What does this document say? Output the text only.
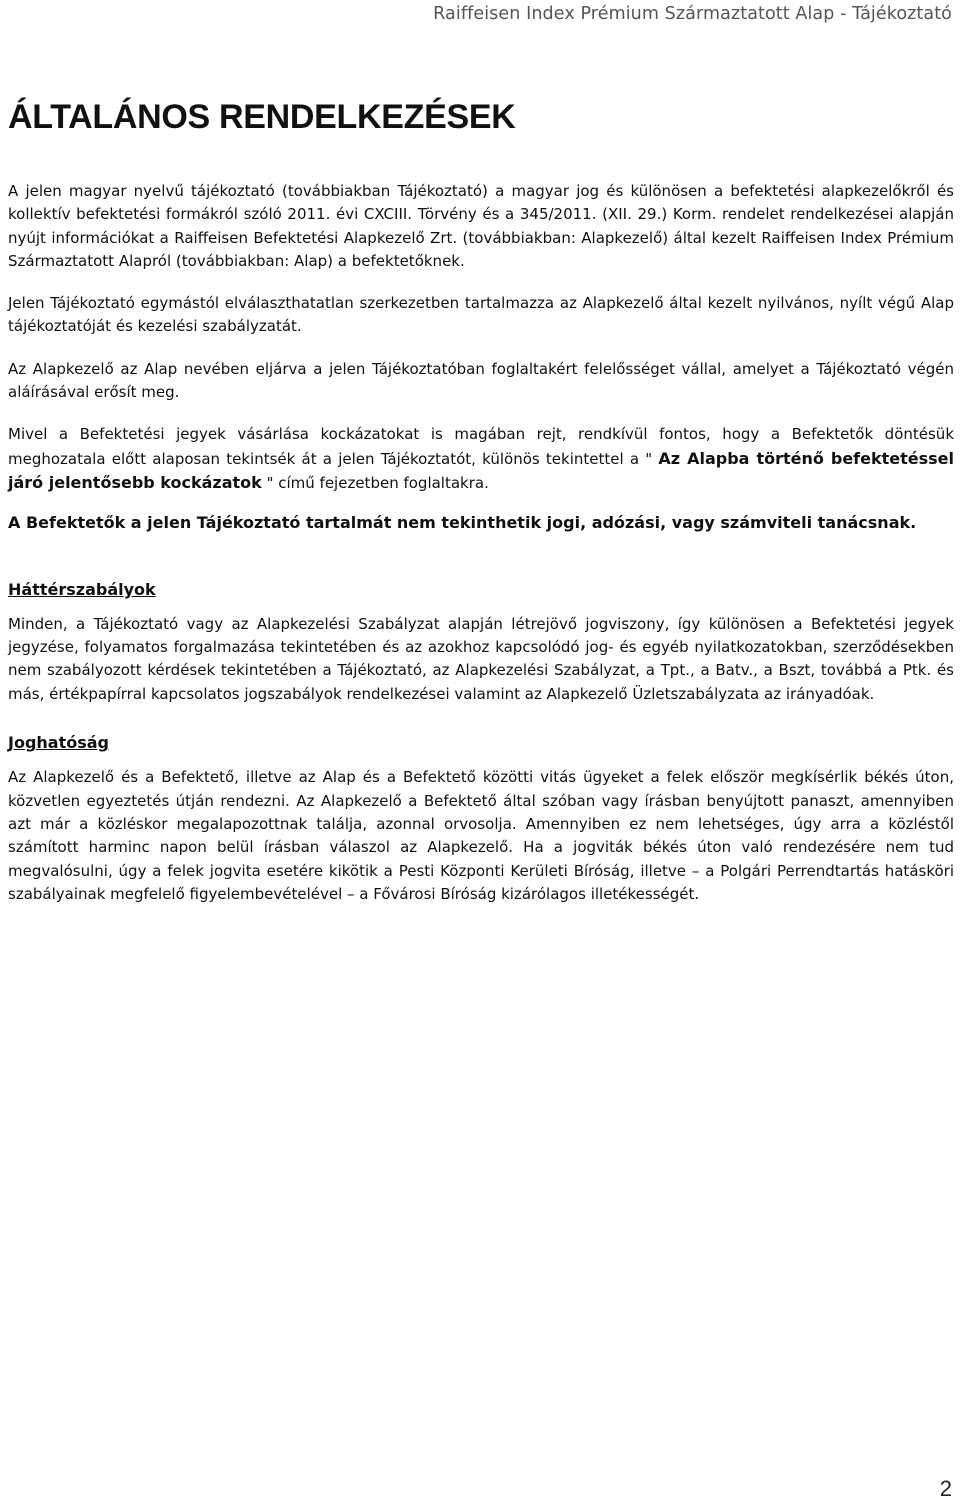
Raiffeisen Index Prémium Származtatott Alap - Tájékoztató
ÁLTALÁNOS RENDELKEZÉSEK

A jelen magyar nyelvű tájékoztató (továbbiakban Tájékoztató) a magyar jog és különösen a befektetési alapkezelőkről és kollektív befektetési formákról szóló 2011. évi CXCIII. Törvény és a 345/2011. (XII. 29.) Korm. rendelet rendelkezései alapján nyújt információkat a Raiffeisen Befektetési Alapkezelő Zrt. (továbbiakban: Alapkezelő) által kezelt Raiffeisen Index Prémium Származtatott Alapról (továbbiakban: Alap) a befektetőknek.

Jelen Tájékoztató egymástól elválaszthatatlan szerkezetben tartalmazza az Alapkezelő által kezelt nyilvános, nyílt végű Alap tájékoztatóját és kezelési szabályzatát.

Az Alapkezelő az Alap nevében eljárva a jelen Tájékoztatóban foglaltakért felelősséget vállal, amelyet a Tájékoztató végén aláírásával erősít meg.

Mivel a Befektetési jegyek vásárlása kockázatokat is magában rejt, rendkívül fontos, hogy a Befektetők döntésük meghozatala előtt alaposan tekintsék át a jelen Tájékoztatót, különös tekintettel a " Az Alapba történő befektetéssel járó jelentősebb kockázatok " című fejezetben foglaltakra.

A Befektetők a jelen Tájékoztató tartalmát nem tekinthetik jogi, adózási, vagy számviteli tanácsnak.

Háttérszabályok

Minden, a Tájékoztató vagy az Alapkezelési Szabályzat alapján létrejövő jogviszony, így különösen a Befektetési jegyek jegyzése, folyamatos forgalmazása tekintetében és az azokhoz kapcsolódó jog- és egyéb nyilatkozatokban, szerződésekben nem szabályozott kérdések tekintetében a Tájékoztató, az Alapkezelési Szabályzat, a Tpt., a Batv., a Bszt, továbbá a Ptk. és más, értékpapírral kapcsolatos jogszabályok rendelkezései valamint az Alapkezelő Üzletszabályzata az irányadóak.

Joghatóság

Az Alapkezelő és a Befektető, illetve az Alap és a Befektető közötti vitás ügyeket a felek először megkísérlik békés úton, közvetlen egyeztetés útján rendezni. Az Alapkezelő a Befektető által szóban vagy írásban benyújtott panaszt, amennyiben azt már a közléskor megalapozottnak találja, azonnal orvosolja. Amennyiben ez nem lehetséges, úgy arra a közléstől számított harminc napon belül írásban válaszol az Alapkezelő. Ha a jogviták békés úton való rendezésére nem tud megvalósulni, úgy a felek jogvita esetére kikötik a Pesti Központi Kerületi Bíróság, illetve – a Polgári Perrendtartás hatásköri szabályainak megfelelő figyelembevételével – a Fővárosi Bíróság kizárólagos illetékességét.

2
